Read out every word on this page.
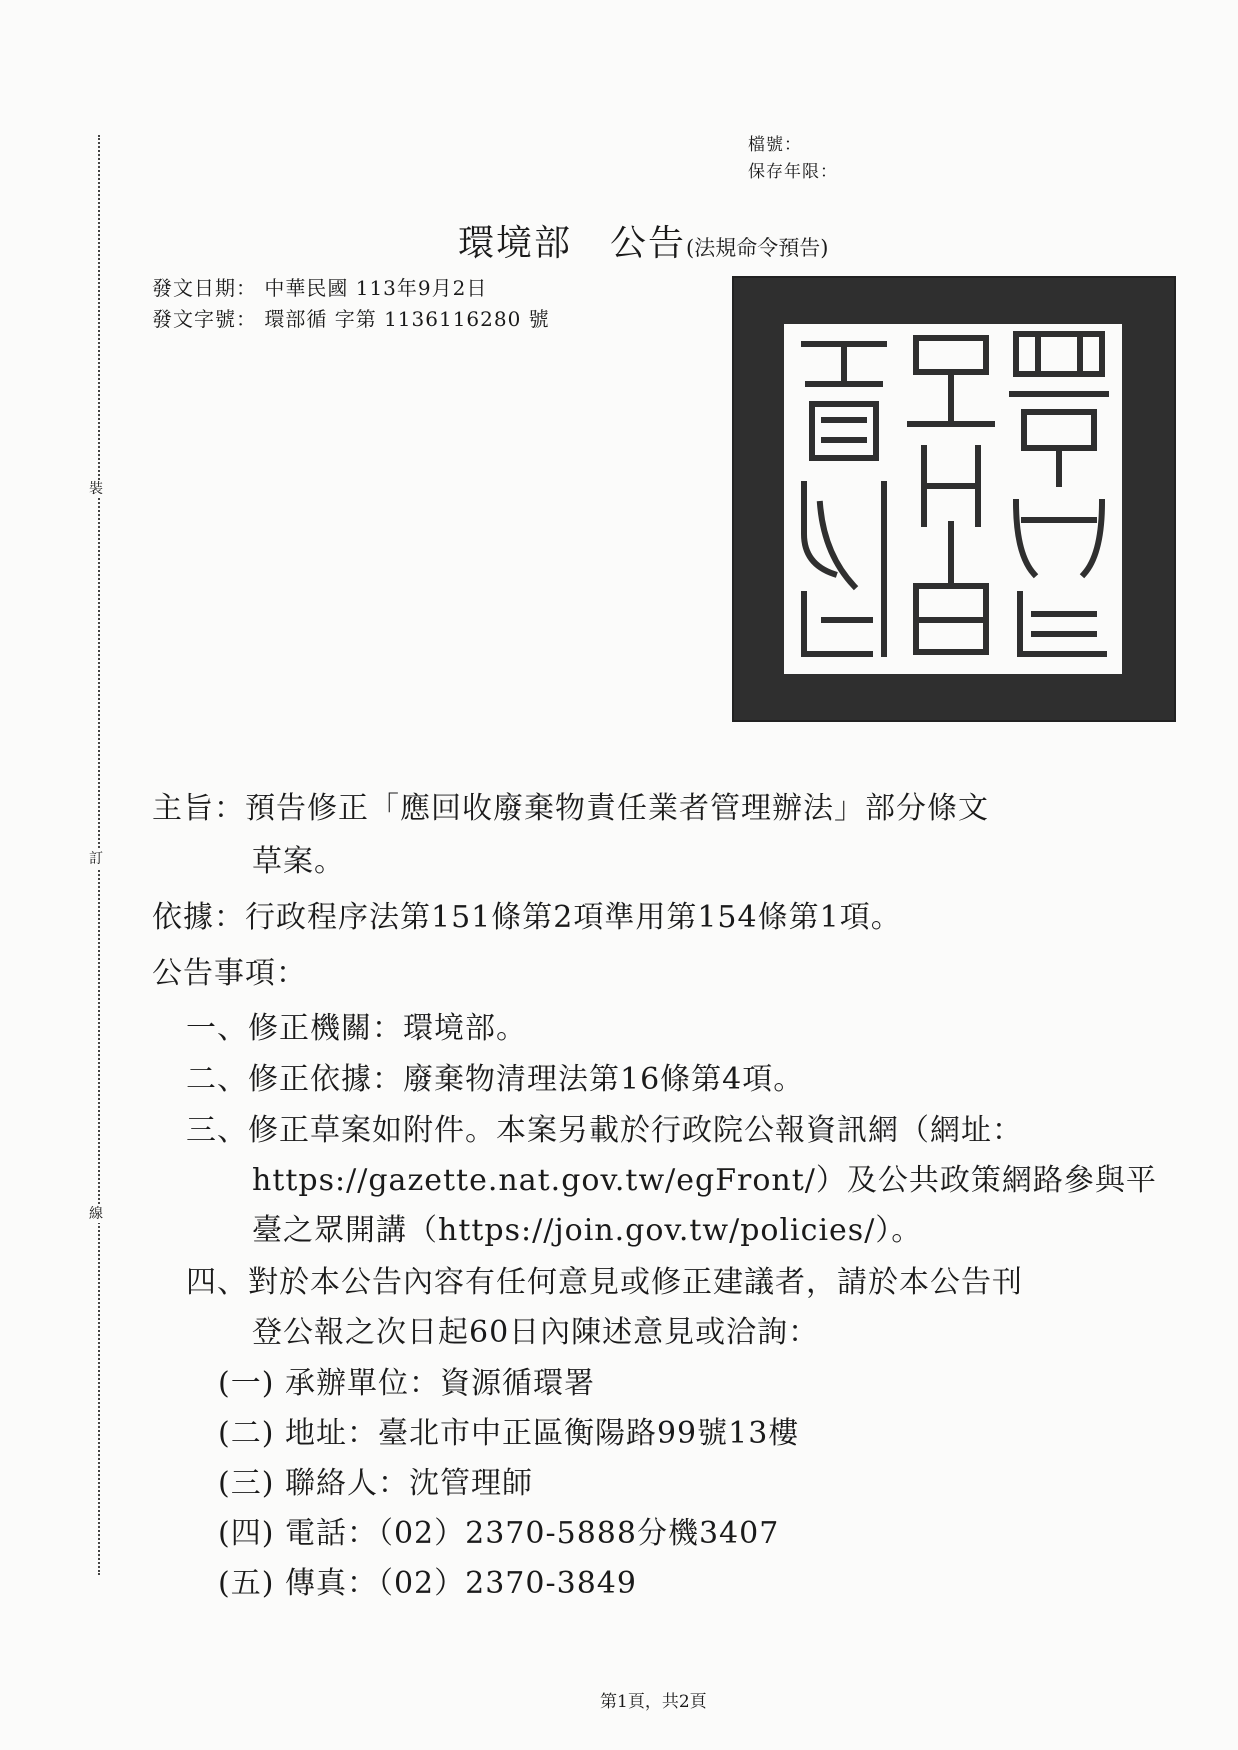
裝
訂
線
檔號：
保存年限：
環境部　公告(法規命令預告)
發文日期： 中華民國 113年9月2日
發文字號： 環部循 字第 1136116280 號
主旨：預告修正「應回收廢棄物責任業者管理辦法」部分條文
草案。
依據：行政程序法第151條第2項準用第154條第1項。
公告事項：
一、修正機關：環境部。
二、修正依據：廢棄物清理法第16條第4項。
三、修正草案如附件。本案另載於行政院公報資訊網（網址：
https://gazette.nat.gov.tw/egFront/）及公共政策網路參與平
臺之眾開講（https://join.gov.tw/policies/）。
四、對於本公告內容有任何意見或修正建議者，請於本公告刊
登公報之次日起60日內陳述意見或洽詢：
(一) 承辦單位：資源循環署
(二) 地址：臺北市中正區衡陽路99號13樓
(三) 聯絡人：沈管理師
(四) 電話：（02）2370-5888分機3407
(五) 傳真：（02）2370-3849
第1頁，共2頁
